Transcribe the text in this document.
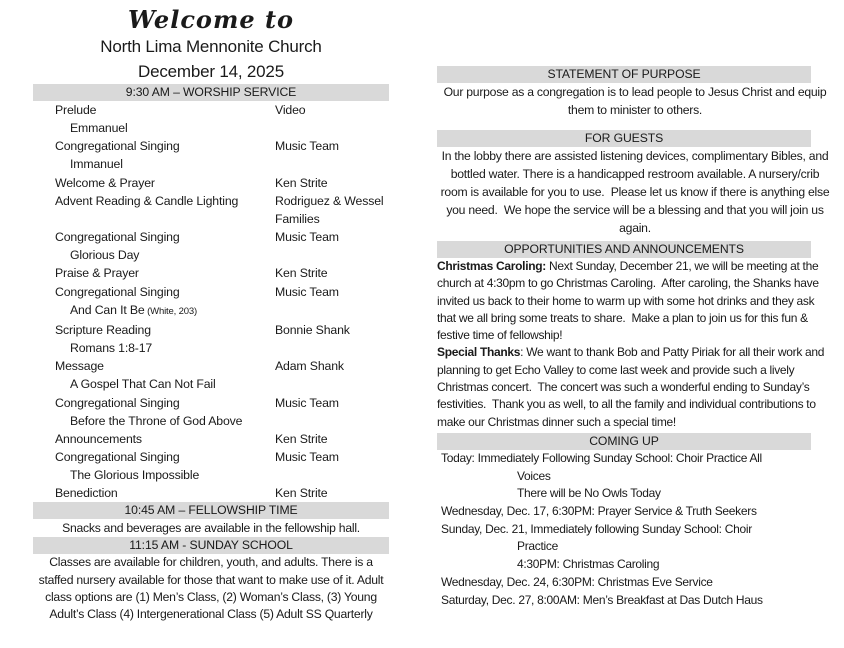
Welcome to
North Lima Mennonite Church
December 14, 2025
9:30 AM – WORSHIP SERVICE
Prelude	Video
Emmanuel
Congregational Singing	Music Team
Immanuel
Welcome & Prayer	Ken Strite
Advent Reading & Candle Lighting	Rodriguez & Wessel
Families
Congregational Singing	Music Team
Glorious Day
Praise & Prayer	Ken Strite
Congregational Singing	Music Team
And Can It Be (White, 203)
Scripture Reading	Bonnie Shank
Romans 1:8-17
Message	Adam Shank
A Gospel That Can Not Fail
Congregational Singing	Music Team
Before the Throne of God Above
Announcements	Ken Strite
Congregational Singing	Music Team
The Glorious Impossible
Benediction	Ken Strite
10:45 AM – FELLOWSHIP TIME
Snacks and beverages are available in the fellowship hall.
11:15 AM - SUNDAY SCHOOL
Classes are available for children, youth, and adults. There is a staffed nursery available for those that want to make use of it. Adult class options are (1) Men’s Class, (2) Woman’s Class, (3) Young Adult’s Class (4) Intergenerational Class (5) Adult SS Quarterly
STATEMENT OF PURPOSE
Our purpose as a congregation is to lead people to Jesus Christ and equip them to minister to others.
FOR GUESTS
In the lobby there are assisted listening devices, complimentary Bibles, and bottled water. There is a handicapped restroom available. A nursery/crib room is available for you to use.  Please let us know if there is anything else you need.  We hope the service will be a blessing and that you will join us again.
OPPORTUNITIES AND ANNOUNCEMENTS

Christmas Caroling: Next Sunday, December 21, we will be meeting at the church at 4:30pm to go Christmas Caroling.  After caroling, the Shanks have invited us back to their home to warm up with some hot drinks and they ask that we all bring some treats to share.  Make a plan to join us for this fun & festive time of fellowship!

Special Thanks: We want to thank Bob and Patty Piriak for all their work and planning to get Echo Valley to come last week and provide such a lively Christmas concert.  The concert was such a wonderful ending to Sunday’s festivities.  Thank you as well, to all the family and individual contributions to make our Christmas dinner such a special time!

COMING UP
Today: Immediately Following Sunday School: Choir Practice All
Voices
There will be No Owls Today
Wednesday, Dec. 17, 6:30PM: Prayer Service & Truth Seekers
Sunday, Dec. 21, Immediately following Sunday School: Choir
Practice
4:30PM: Christmas Caroling
Wednesday, Dec. 24, 6:30PM: Christmas Eve Service
Saturday, Dec. 27, 8:00AM: Men’s Breakfast at Das Dutch Haus
